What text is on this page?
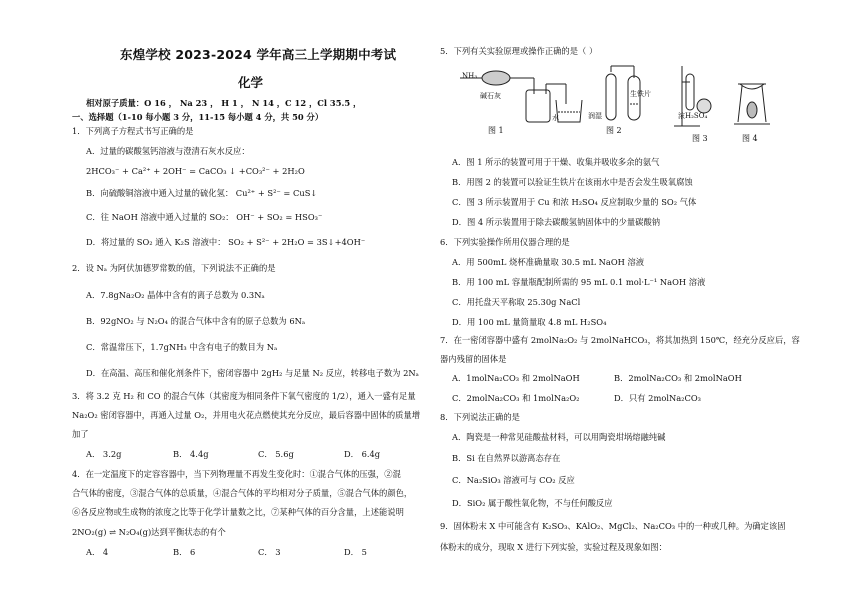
东煌学校 2023-2024 学年高三上学期期中考试
化学
相对原子质量：O 16 ， Na 23 ， H 1 ， N 14 ，C 12 ，Cl 35.5 ，
一、选择题（1-10 每小题 3 分，11-15 每小题 4 分，共 50 分）
1．下列离子方程式书写正确的是
A．过量的碳酸氢钙溶液与澄清石灰水反应：
2HCO₃⁻ + Ca²⁺ + 2OH⁻ = CaCO₃ ↓ +CO₃²⁻ + 2H₂O
B．向硫酸铜溶液中通入过量的硫化氢： Cu²⁺ + S²⁻ = CuS↓
C．往 NaOH 溶液中通入过量的 SO₂： OH⁻ + SO₂ = HSO₃⁻
D．将过量的 SO₂ 通入 K₂S 溶液中： SO₂ + S²⁻ + 2H₂O = 3S↓+4OH⁻
2．设 Nₐ 为阿伏加德罗常数的值，下列说法不正确的是
A．7.8gNa₂O₂ 晶体中含有的离子总数为 0.3Nₐ
B．92gNO₂ 与 N₂O₄ 的混合气体中含有的原子总数为 6Nₐ
C．常温常压下，1.7gNH₃ 中含有电子的数目为 Nₐ
D．在高温、高压和催化剂条件下，密闭容器中 2gH₂ 与足量 N₂ 反应，转移电子数为 2Nₐ
3．将 3.2 克 H₂ 和 CO 的混合气体（其密度为相同条件下氧气密度的 1/2），通入一盛有足量
Na₂O₂ 密闭容器中，再通入过量 O₂，并用电火花点燃使其充分反应，最后容器中固体的质量增
加了
A． 3.2g	B． 4.4g	C． 5.6g	D． 6.4g
4．在一定温度下的定容容器中，当下列物理量不再发生变化时：①混合气体的压强，②混
合气体的密度，③混合气体的总质量，④混合气体的平均相对分子质量，⑤混合气体的颜色，
⑥各反应物或生成物的浓度之比等于化学计量数之比，⑦某种气体的百分含量，上述能说明
2NO₂(g) ⇌ N₂O₄(g)达到平衡状态的有个
A． 4	B． 6	C． 3	D． 5
5．下列有关实验原理或操作正确的是（ ）
NH₃
碱石灰
水
生铁片
润湿	浓H₂SO₄
图 1	图 2
图 3	图 4
A．图 1 所示的装置可用于干燥、收集并吸收多余的氨气
B．用图 2 的装置可以验证生铁片在该雨水中是否会发生吸氧腐蚀
C．图 3 所示装置用于 Cu 和浓 H₂SO₄ 反应制取少量的 SO₂ 气体
D．图 4 所示装置用于除去碳酸氢钠固体中的少量碳酸钠
6．下列实验操作所用仪器合理的是
A．用 500mL 烧杯准确量取 30.5 mL NaOH 溶液
B．用 100 mL 容量瓶配制所需的 95 mL 0.1 mol·L⁻¹ NaOH 溶液
C．用托盘天平称取 25.30g NaCl
D．用 100 mL 量筒量取 4.8 mL H₂SO₄
7．在一密闭容器中盛有 2molNa₂O₂ 与 2molNaHCO₃，将其加热到 150℃，经充分反应后，容
器内残留的固体是
A．1molNa₂CO₃ 和 2molNaOH	B．2molNa₂CO₃ 和 2molNaOH
C．2molNa₂CO₃ 和 1molNa₂O₂	D．只有 2molNa₂CO₃
8．下列说法正确的是
A．陶瓷是一种常见硅酸盐材料，可以用陶瓷坩埚熔融纯碱
B．Si 在自然界以游离态存在
C．Na₂SiO₃ 溶液可与 CO₂ 反应
D．SiO₂ 属于酸性氧化物，不与任何酸反应
9．固体粉末 X 中可能含有 K₂SO₃、KAlO₂、MgCl₂、Na₂CO₃ 中的一种或几种。为确定该固
体粉末的成分，现取 X 进行下列实验，实验过程及现象如图：
